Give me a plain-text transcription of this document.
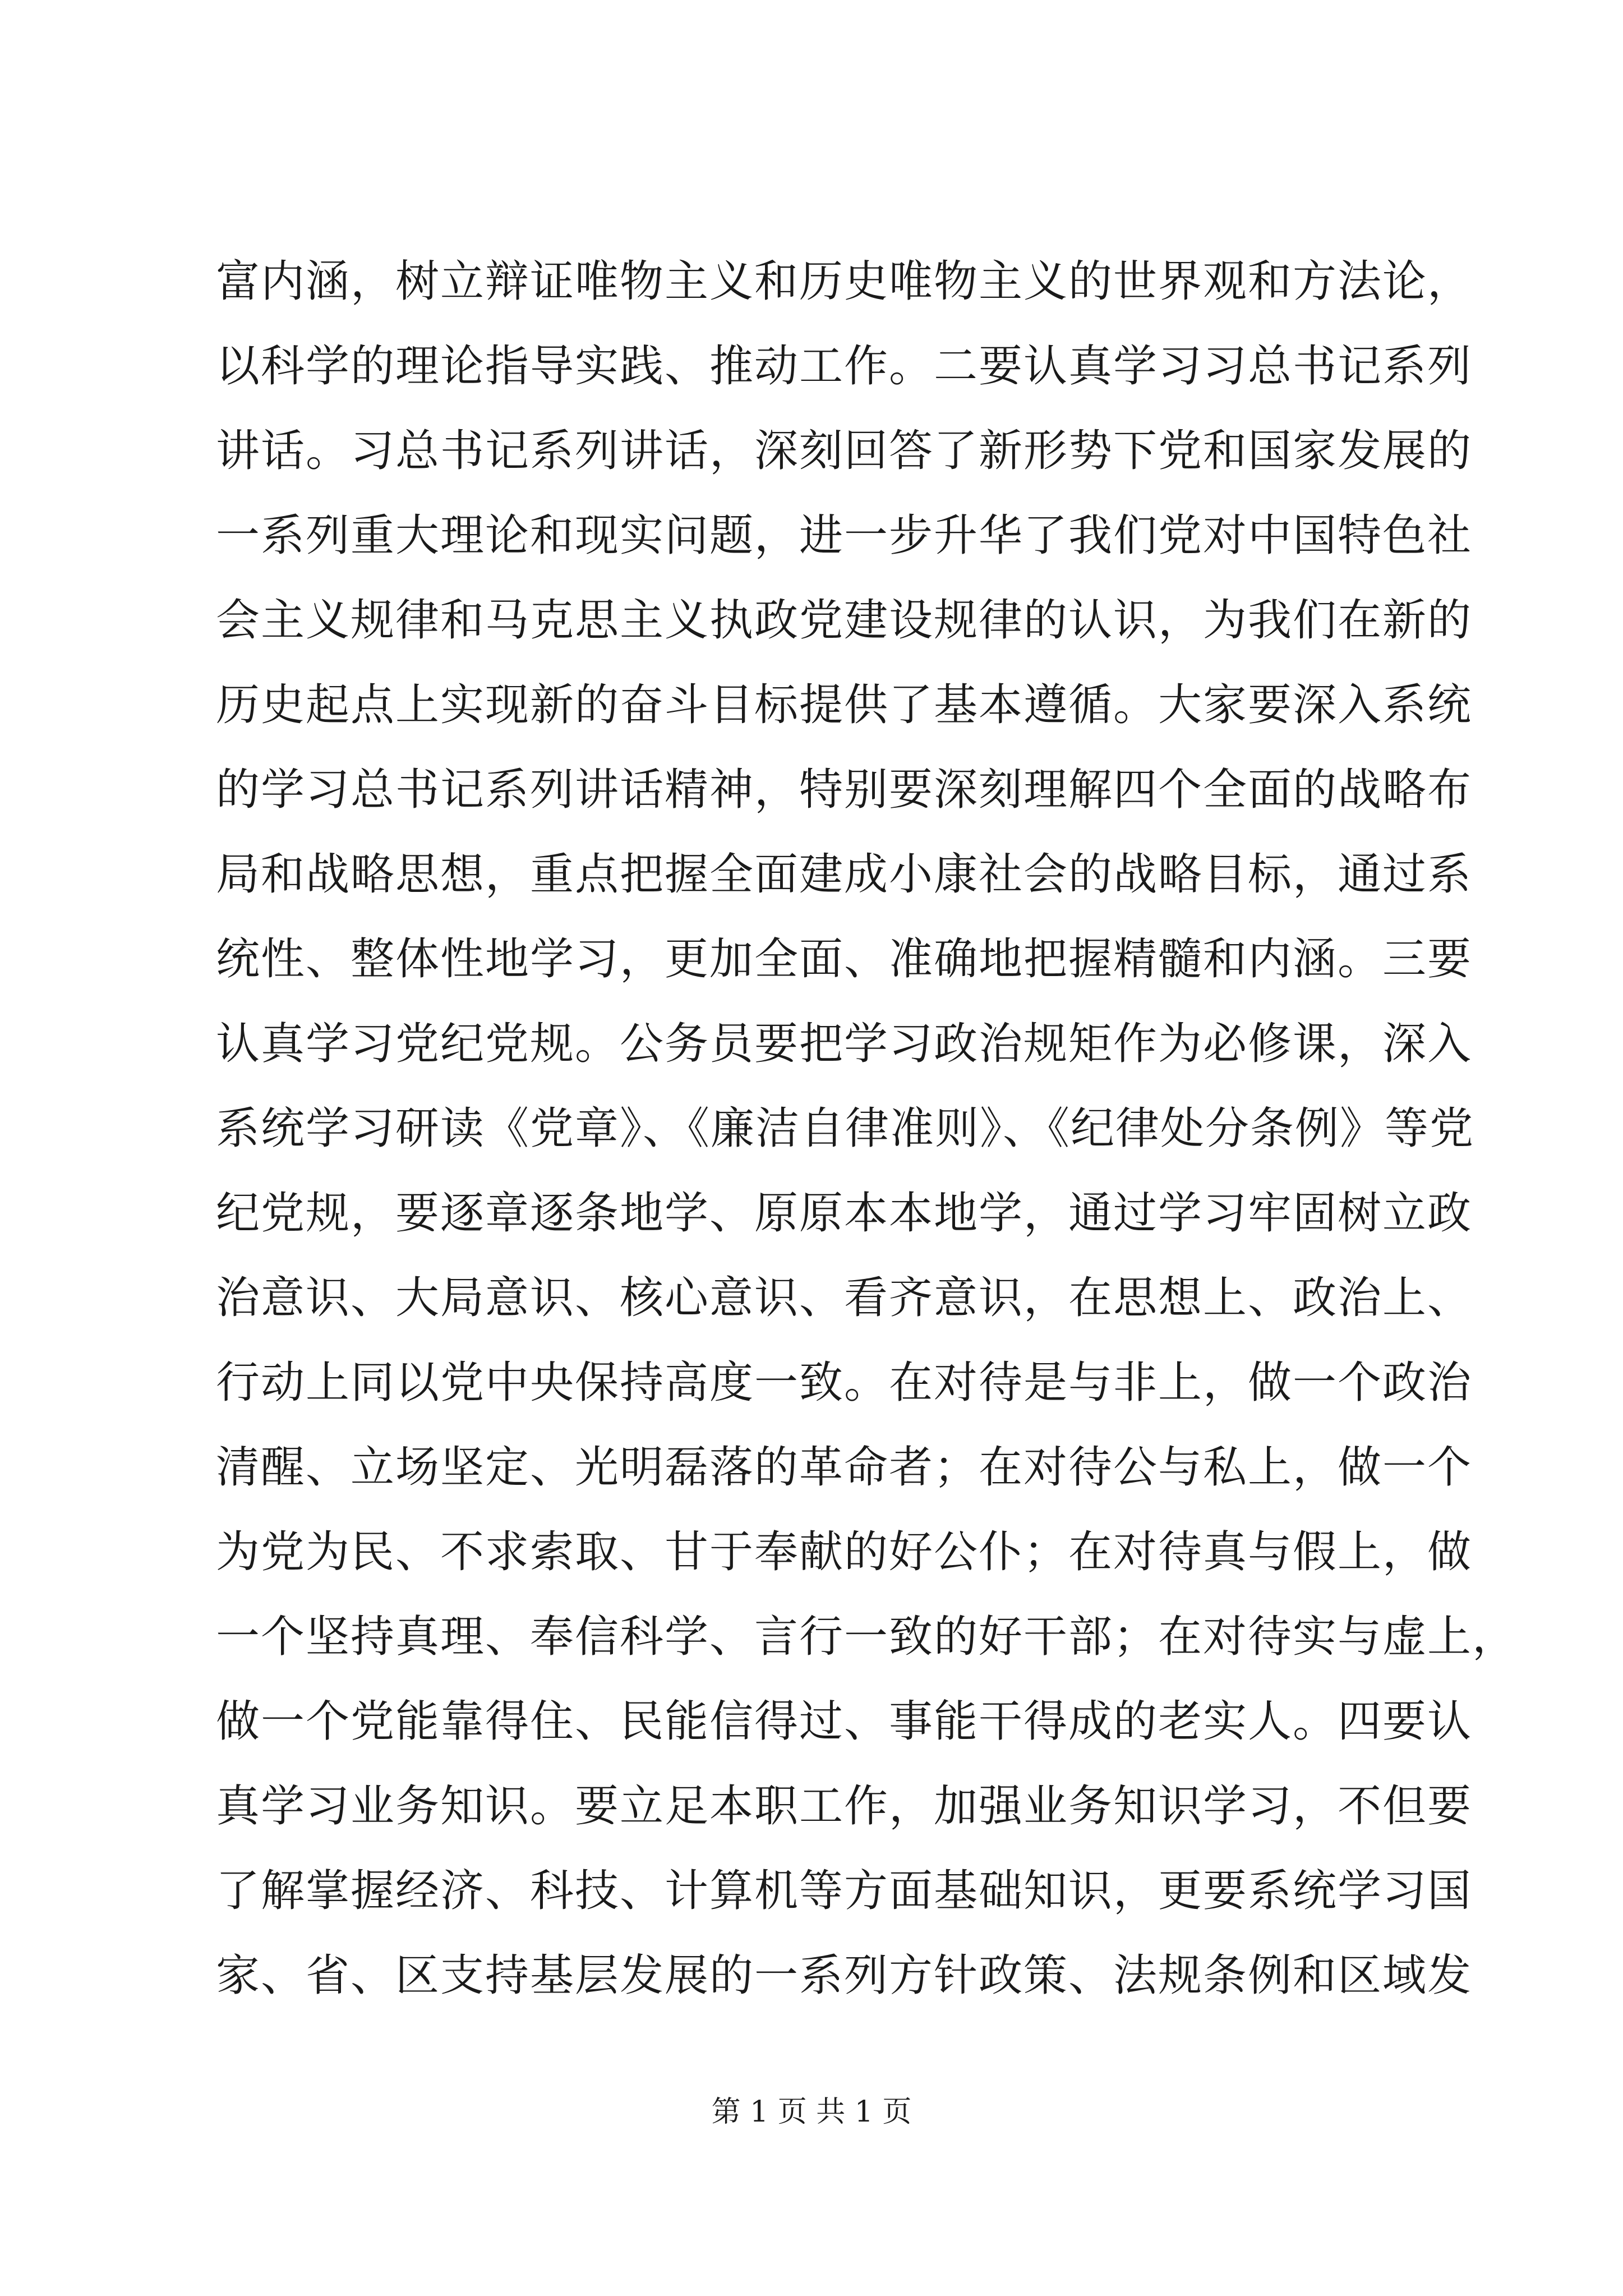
富内涵，树立辩证唯物主义和历史唯物主义的世界观和方法论，
以科学的理论指导实践、推动工作。二要认真学习习总书记系列
讲话。习总书记系列讲话，深刻回答了新形势下党和国家发展的
一系列重大理论和现实问题，进一步升华了我们党对中国特色社
会主义规律和马克思主义执政党建设规律的认识，为我们在新的
历史起点上实现新的奋斗目标提供了基本遵循。大家要深入系统
的学习总书记系列讲话精神，特别要深刻理解四个全面的战略布
局和战略思想，重点把握全面建成小康社会的战略目标，通过系
统性、整体性地学习，更加全面、准确地把握精髓和内涵。三要
认真学习党纪党规。公务员要把学习政治规矩作为必修课，深入
系统学习研读《党章》、《廉洁自律准则》、《纪律处分条例》等党
纪党规，要逐章逐条地学、原原本本地学，通过学习牢固树立政
治意识、大局意识、核心意识、看齐意识，在思想上、政治上、
行动上同以党中央保持高度一致。在对待是与非上，做一个政治
清醒、立场坚定、光明磊落的革命者；在对待公与私上，做一个
为党为民、不求索取、甘于奉献的好公仆；在对待真与假上，做
一个坚持真理、奉信科学、言行一致的好干部；在对待实与虚上，
做一个党能靠得住、民能信得过、事能干得成的老实人。四要认
真学习业务知识。要立足本职工作，加强业务知识学习，不但要
了解掌握经济、科技、计算机等方面基础知识，更要系统学习国
家、省、区支持基层发展的一系列方针政策、法规条例和区域发
第 1 页 共 1 页
